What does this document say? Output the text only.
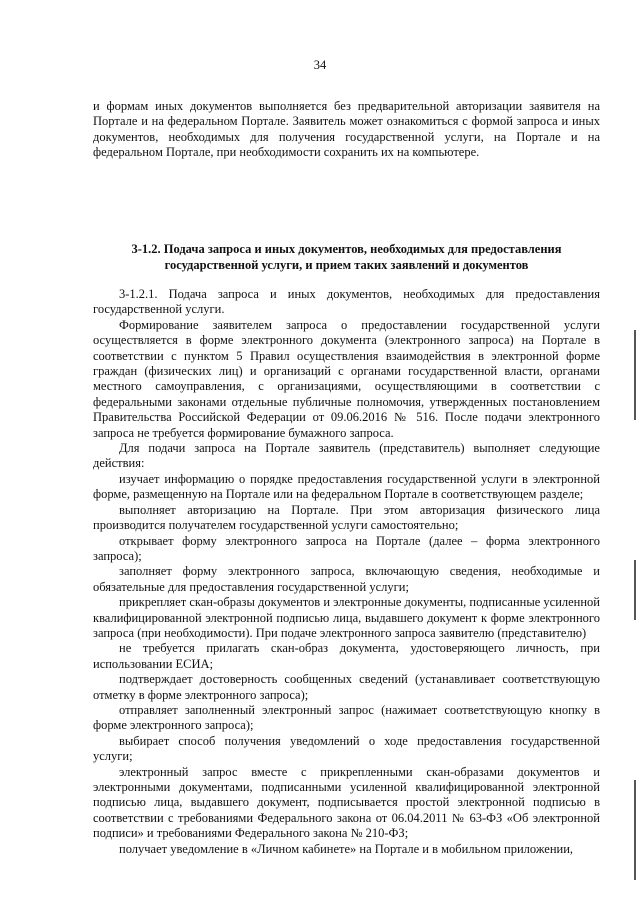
34

и формам иных документов выполняется без предварительной авторизации заявителя на Портале и на федеральном Портале. Заявитель может ознакомиться с формой запроса и иных документов, необходимых для получения государственной услуги, на Портале и на федеральном Портале, при необходимости сохранить их на компьютере.

3-1.2. Подача запроса и иных документов, необходимых для предоставления государственной услуги, и прием таких заявлений и документов

3-1.2.1. Подача запроса и иных документов, необходимых для предоставления государственной услуги.

Формирование заявителем запроса о предоставлении государственной услуги осуществляется в форме электронного документа (электронного запроса) на Портале в соответствии с пунктом 5 Правил осуществления взаимодействия в электронной форме граждан (физических лиц) и организаций с органами государственной власти, органами местного самоуправления, с организациями, осуществляющими в соответствии с федеральными законами отдельные публичные полномочия, утвержденных постановлением Правительства Российской Федерации от 09.06.2016 № 516. После подачи электронного запроса не требуется формирование бумажного запроса.

Для подачи запроса на Портале заявитель (представитель) выполняет следующие действия:

изучает информацию о порядке предоставления государственной услуги в электронной форме, размещенную на Портале или на федеральном Портале в соответствующем разделе;

выполняет авторизацию на Портале. При этом авторизация физического лица производится получателем государственной услуги самостоятельно;

открывает форму электронного запроса на Портале (далее – форма электронного запроса);

заполняет форму электронного запроса, включающую сведения, необходимые и обязательные для предоставления государственной услуги;

прикрепляет скан-образы документов и электронные документы, подписанные усиленной квалифицированной электронной подписью лица, выдавшего документ к форме электронного запроса (при необходимости). При подаче электронного запроса заявителю (представителю)

не требуется прилагать скан-образ документа, удостоверяющего личность, при использовании ЕСИА;

подтверждает достоверность сообщенных сведений (устанавливает соответствующую отметку в форме электронного запроса);

отправляет заполненный электронный запрос (нажимает соответствующую кнопку в форме электронного запроса);

выбирает способ получения уведомлений о ходе предоставления государственной услуги;

электронный запрос вместе с прикрепленными скан-образами документов и электронными документами, подписанными усиленной квалифицированной электронной подписью лица, выдавшего документ, подписывается простой электронной подписью в соответствии с требованиями Федерального закона от 06.04.2011 № 63-ФЗ «Об электронной подписи» и требованиями Федерального закона № 210-ФЗ;

получает уведомление в «Личном кабинете» на Портале и в мобильном приложении,
